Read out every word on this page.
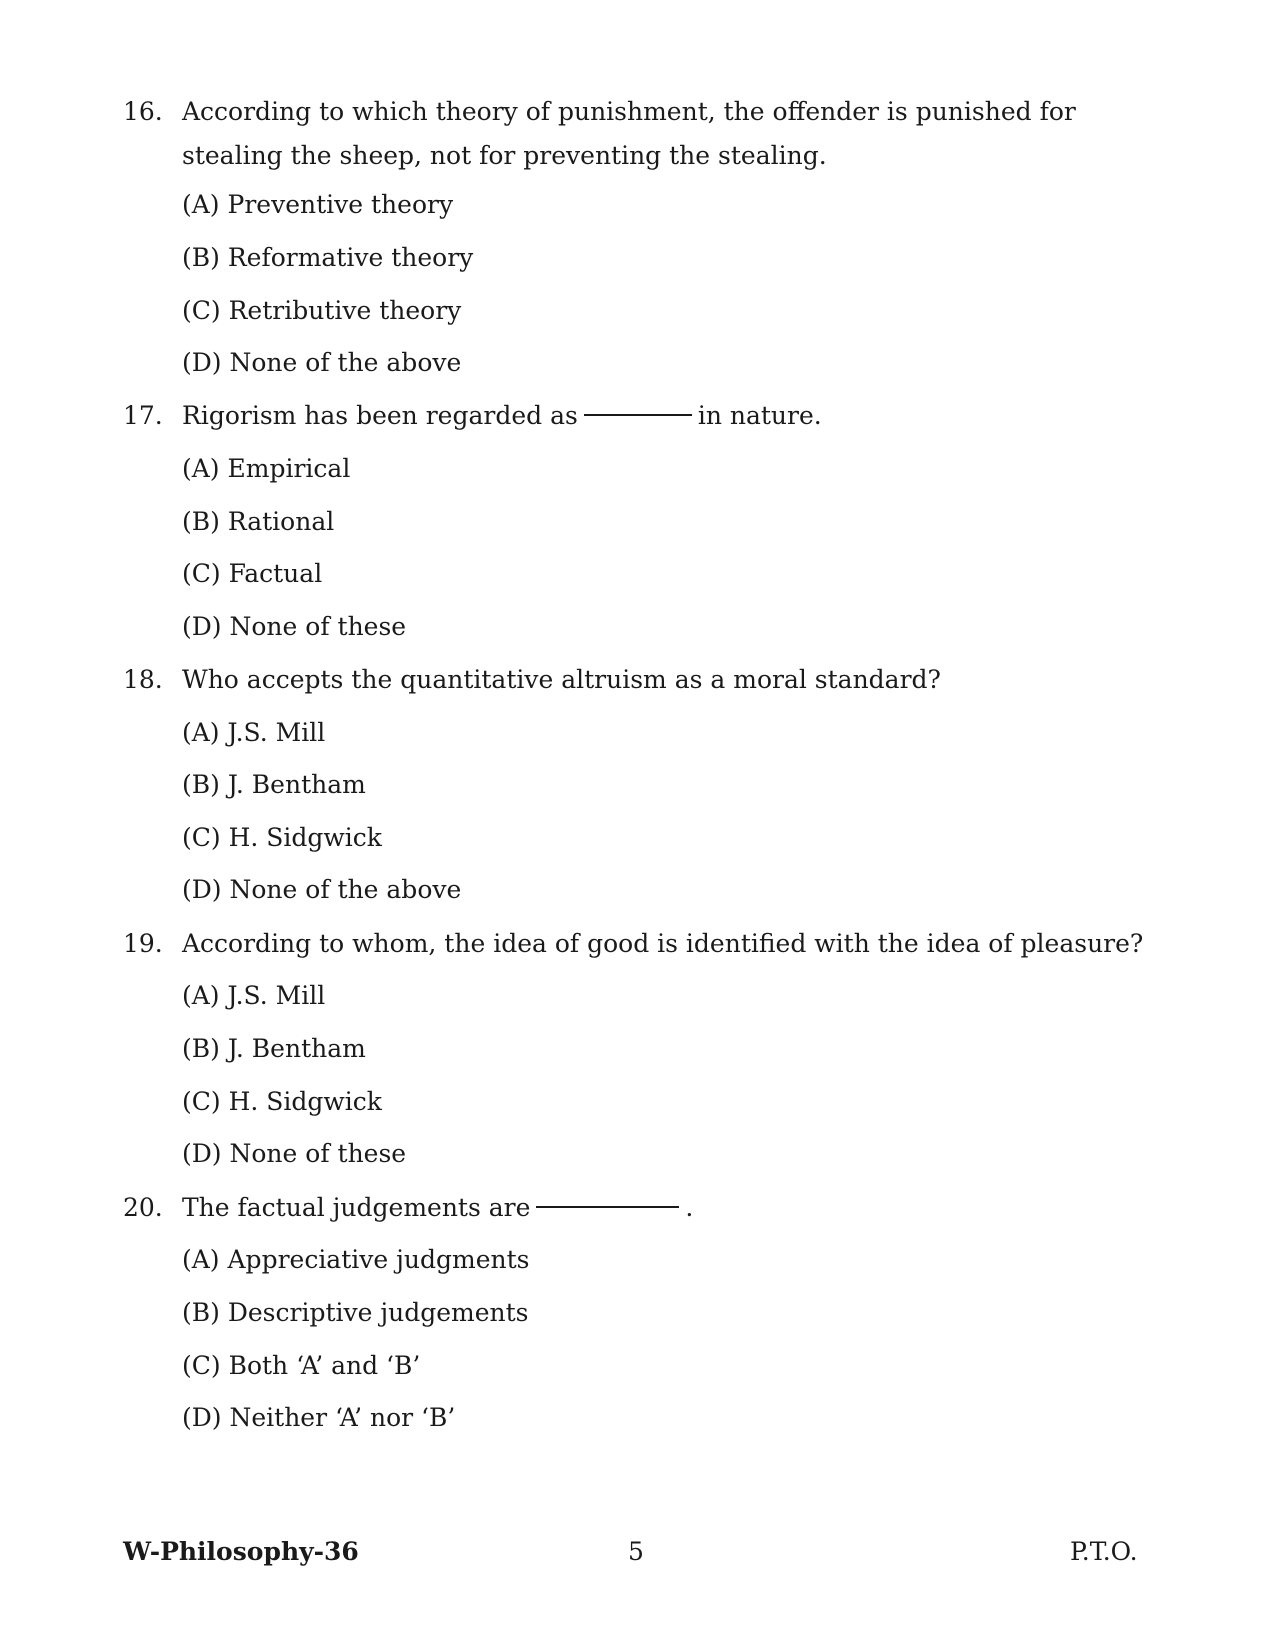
16. According to which theory of punishment, the offender is punished for stealing the sheep, not for preventing the stealing.
(A) Preventive theory
(B) Reformative theory
(C) Retributive theory
(D) None of the above
17. Rigorism has been regarded as	in nature.
(A) Empirical
(B) Rational
(C) Factual
(D) None of these
18. Who accepts the quantitative altruism as a moral standard?
(A) J.S. Mill
(B) J. Bentham
(C) H. Sidgwick
(D) None of the above
19. According to whom, the idea of good is identified with the idea of pleasure?
(A) J.S. Mill
(B) J. Bentham
(C) H. Sidgwick
(D) None of these
20. The factual judgements are	.
(A) Appreciative judgments
(B) Descriptive judgements
(C) Both ‘A’ and ‘B’
(D) Neither ‘A’ nor ‘B’
W-Philosophy-36	5	P.T.O.
